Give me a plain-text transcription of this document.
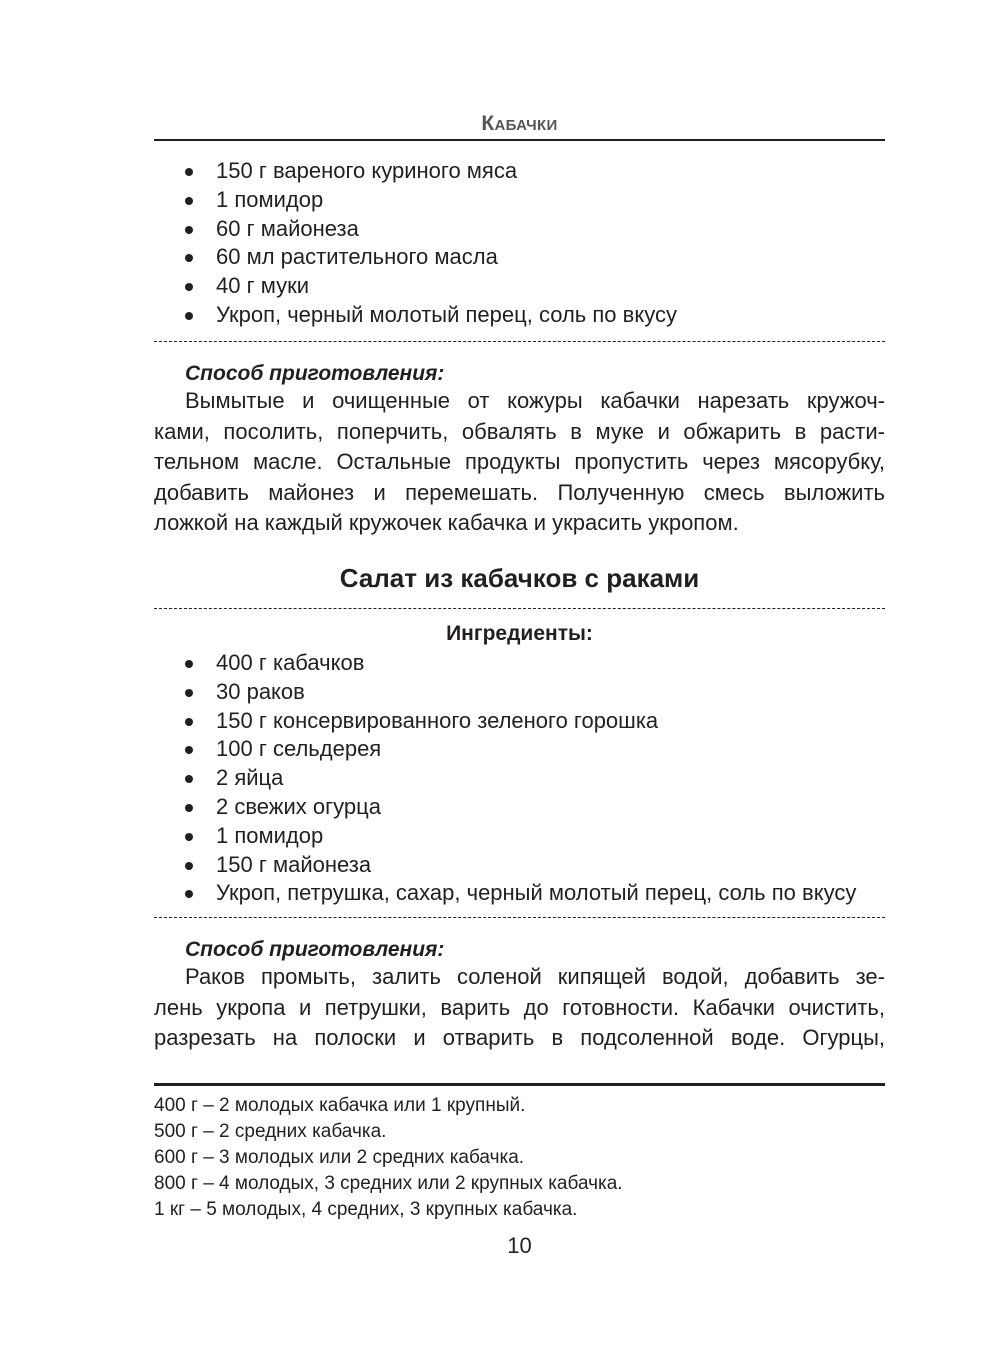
Кабачки
150 г вареного куриного мяса
1 помидор
60 г майонеза
60 мл растительного масла
40 г муки
Укроп, черный молотый перец, соль по вкусу
Способ приготовления:
Вымытые и очищенные от кожуры кабачки нарезать кружоч-
ками, посолить, поперчить, обвалять в муке и обжарить в расти-
тельном масле. Остальные продукты пропустить через мясорубку,
добавить майонез и перемешать. Полученную смесь выложить
ложкой на каждый кружочек кабачка и украсить укропом.
Салат из кабачков с раками
Ингредиенты:
400 г кабачков
30 раков
150 г консервированного зеленого горошка
100 г сельдерея
2 яйца
2 свежих огурца
1 помидор
150 г майонеза
Укроп, петрушка, сахар, черный молотый перец, соль по вкусу
Способ приготовления:
Раков промыть, залить соленой кипящей водой, добавить зе-
лень укропа и петрушки, варить до готовности. Кабачки очистить,
разрезать на полоски и отварить в подсоленной воде. Огурцы,
400 г – 2 молодых кабачка или 1 крупный.
500 г – 2 средних кабачка.
600 г – 3 молодых или 2 средних кабачка.
800 г – 4 молодых, 3 средних или 2 крупных кабачка.
1 кг – 5 молодых, 4 средних, 3 крупных кабачка.
10
